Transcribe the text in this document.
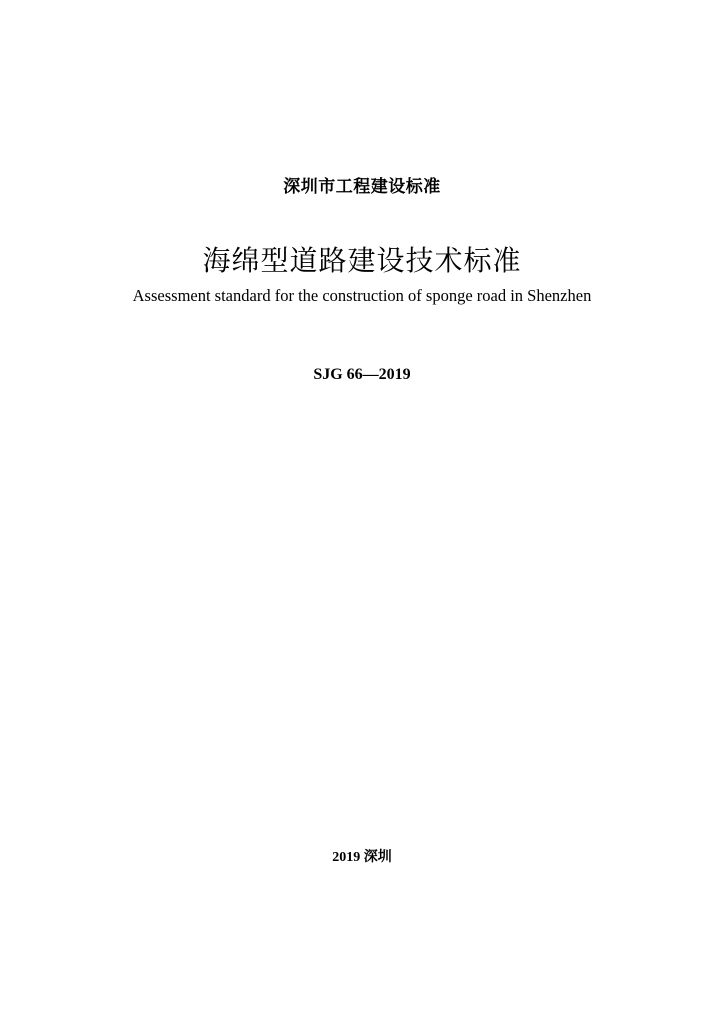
深圳市工程建设标准
海绵型道路建设技术标准
Assessment standard for the construction of sponge road in Shenzhen
SJG 66—2019
2019 深圳
